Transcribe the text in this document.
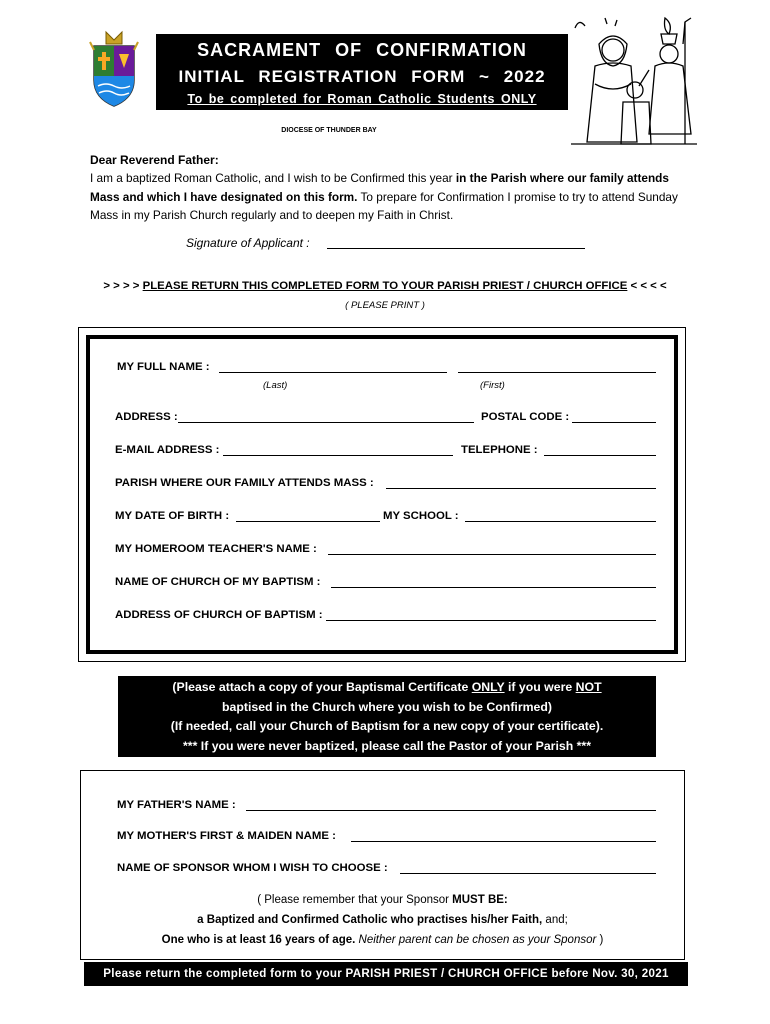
SACRAMENT OF CONFIRMATION
INITIAL REGISTRATION FORM ~ 2022
To be completed for Roman Catholic Students ONLY
DIOCESE OF THUNDER BAY
Dear Reverend Father:
I am a baptized Roman Catholic, and I wish to be Confirmed this year in the Parish where our family attends Mass and which I have designated on this form. To prepare for Confirmation I promise to try to attend Sunday Mass in my Parish Church regularly and to deepen my Faith in Christ.
Signature of Applicant :
> > > > PLEASE RETURN THIS COMPLETED FORM TO YOUR PARISH PRIEST / CHURCH OFFICE < < < <
( PLEASE PRINT )
MY FULL NAME :
(Last)	(First)
ADDRESS :	POSTAL CODE :
E-MAIL ADDRESS :	TELEPHONE :
PARISH WHERE OUR FAMILY ATTENDS MASS :
MY DATE OF BIRTH :	MY SCHOOL :
MY HOMEROOM TEACHER'S NAME :
NAME OF CHURCH OF MY BAPTISM :
ADDRESS OF CHURCH OF BAPTISM :
(Please attach a copy of your Baptismal Certificate ONLY if you were NOT
baptised in the Church where you wish to be Confirmed)
(If needed, call your Church of Baptism for a new copy of your certificate).
*** If you were never baptized, please call the Pastor of your Parish ***
MY FATHER'S NAME :
MY MOTHER'S FIRST & MAIDEN NAME :
NAME OF SPONSOR WHOM I WISH TO CHOOSE :
( Please remember that your Sponsor MUST BE:
a Baptized and Confirmed Catholic who practises his/her Faith, and;
One who is at least 16 years of age. Neither parent can be chosen as your Sponsor )
Please return the completed form to your PARISH PRIEST / CHURCH OFFICE before Nov. 30, 2021
